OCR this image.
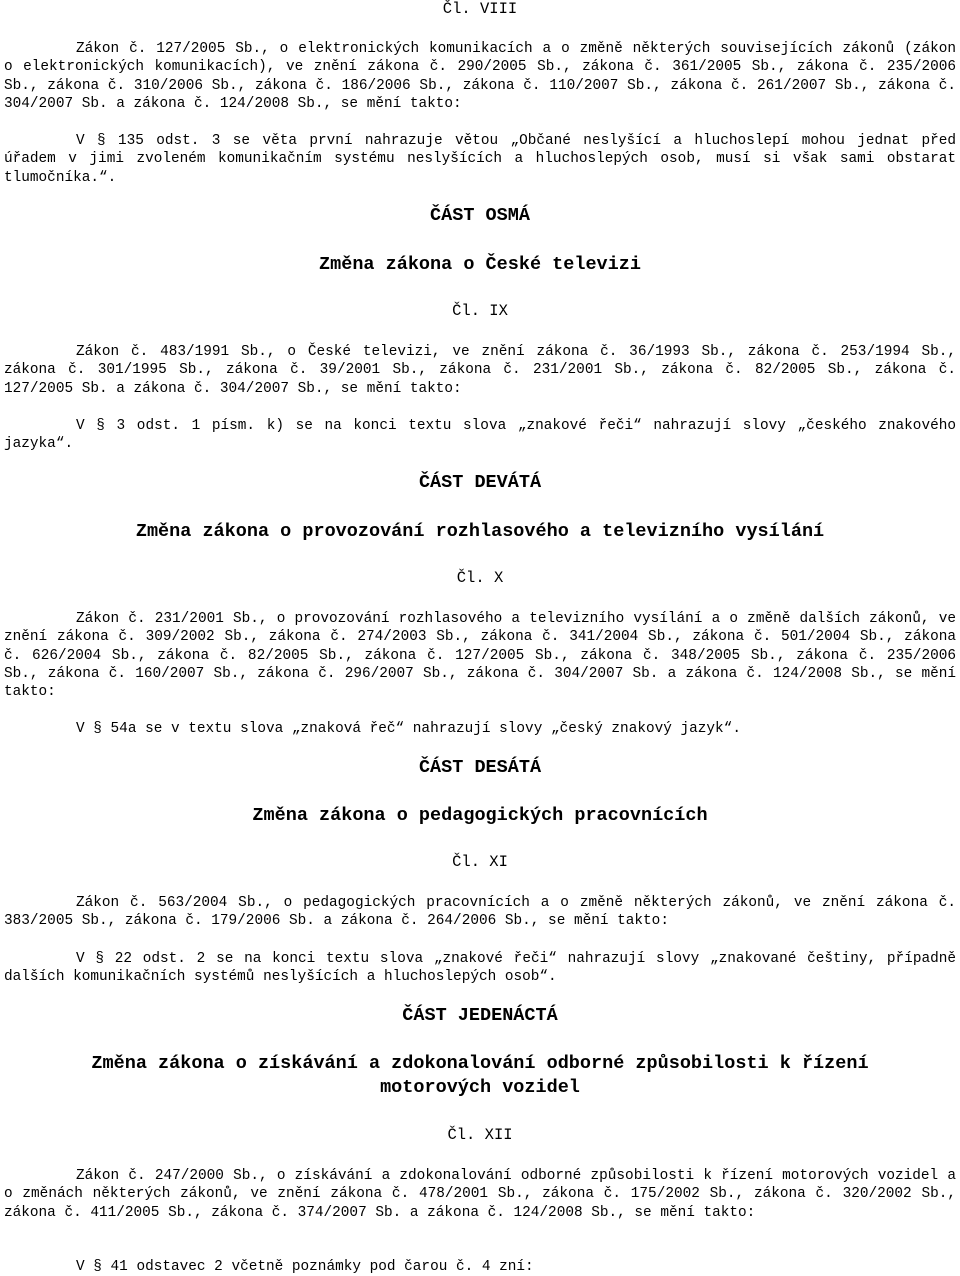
Čl. VIII

Zákon č. 127/2005 Sb., o elektronických komunikacích a o změně některých souvisejících zákonů (zákon o elektronických komunikacích), ve znění zákona č. 290/2005 Sb., zákona č. 361/2005 Sb., zákona č. 235/2006 Sb., zákona č. 310/2006 Sb., zákona č. 186/2006 Sb., zákona č. 110/2007 Sb., zákona č. 261/2007 Sb., zákona č. 304/2007 Sb. a zákona č. 124/2008 Sb., se mění takto:

V § 135 odst. 3 se věta první nahrazuje větou „Občané neslyšící a hluchoslepí mohou jednat před úřadem v jimi zvoleném komunikačním systému neslyšících a hluchoslepých osob, musí si však sami obstarat tlumočníka.“.

ČÁST OSMÁ
Změna zákona o České televizi
Čl. IX

Zákon č. 483/1991 Sb., o České televizi, ve znění zákona č. 36/1993 Sb., zákona č. 253/1994 Sb., zákona č. 301/1995 Sb., zákona č. 39/2001 Sb., zákona č. 231/2001 Sb., zákona č. 82/2005 Sb., zákona č. 127/2005 Sb. a zákona č. 304/2007 Sb., se mění takto:

V § 3 odst. 1 písm. k) se na konci textu slova „znakové řeči“ nahrazují slovy „českého znakového jazyka“.

ČÁST DEVÁTÁ
Změna zákona o provozování rozhlasového a televizního vysílání
Čl. X

Zákon č. 231/2001 Sb., o provozování rozhlasového a televizního vysílání a o změně dalších zákonů, ve znění zákona č. 309/2002 Sb., zákona č. 274/2003 Sb., zákona č. 341/2004 Sb., zákona č. 501/2004 Sb., zákona č. 626/2004 Sb., zákona č. 82/2005 Sb., zákona č. 127/2005 Sb., zákona č. 348/2005 Sb., zákona č. 235/2006 Sb., zákona č. 160/2007 Sb., zákona č. 296/2007 Sb., zákona č. 304/2007 Sb. a zákona č. 124/2008 Sb., se mění takto:

V § 54a se v textu slova „znaková řeč“ nahrazují slovy „český znakový jazyk“.

ČÁST DESÁTÁ
Změna zákona o pedagogických pracovnících
Čl. XI

Zákon č. 563/2004 Sb., o pedagogických pracovnících a o změně některých zákonů, ve znění zákona č. 383/2005 Sb., zákona č. 179/2006 Sb. a zákona č. 264/2006 Sb., se mění takto:

V § 22 odst. 2 se na konci textu slova „znakové řeči“ nahrazují slovy „znakované češtiny, případně dalších komunikačních systémů neslyšících a hluchoslepých osob“.

ČÁST JEDENÁCTÁ
Změna zákona o získávání a zdokonalování odborné způsobilosti k řízení
motorových vozidel
Čl. XII

Zákon č. 247/2000 Sb., o získávání a zdokonalování odborné způsobilosti k řízení motorových vozidel a o změnách některých zákonů, ve znění zákona č. 478/2001 Sb., zákona č. 175/2002 Sb., zákona č. 320/2002 Sb., zákona č. 411/2005 Sb., zákona č. 374/2007 Sb. a zákona č. 124/2008 Sb., se mění takto:

V § 41 odstavec 2 včetně poznámky pod čarou č. 4 zní:
